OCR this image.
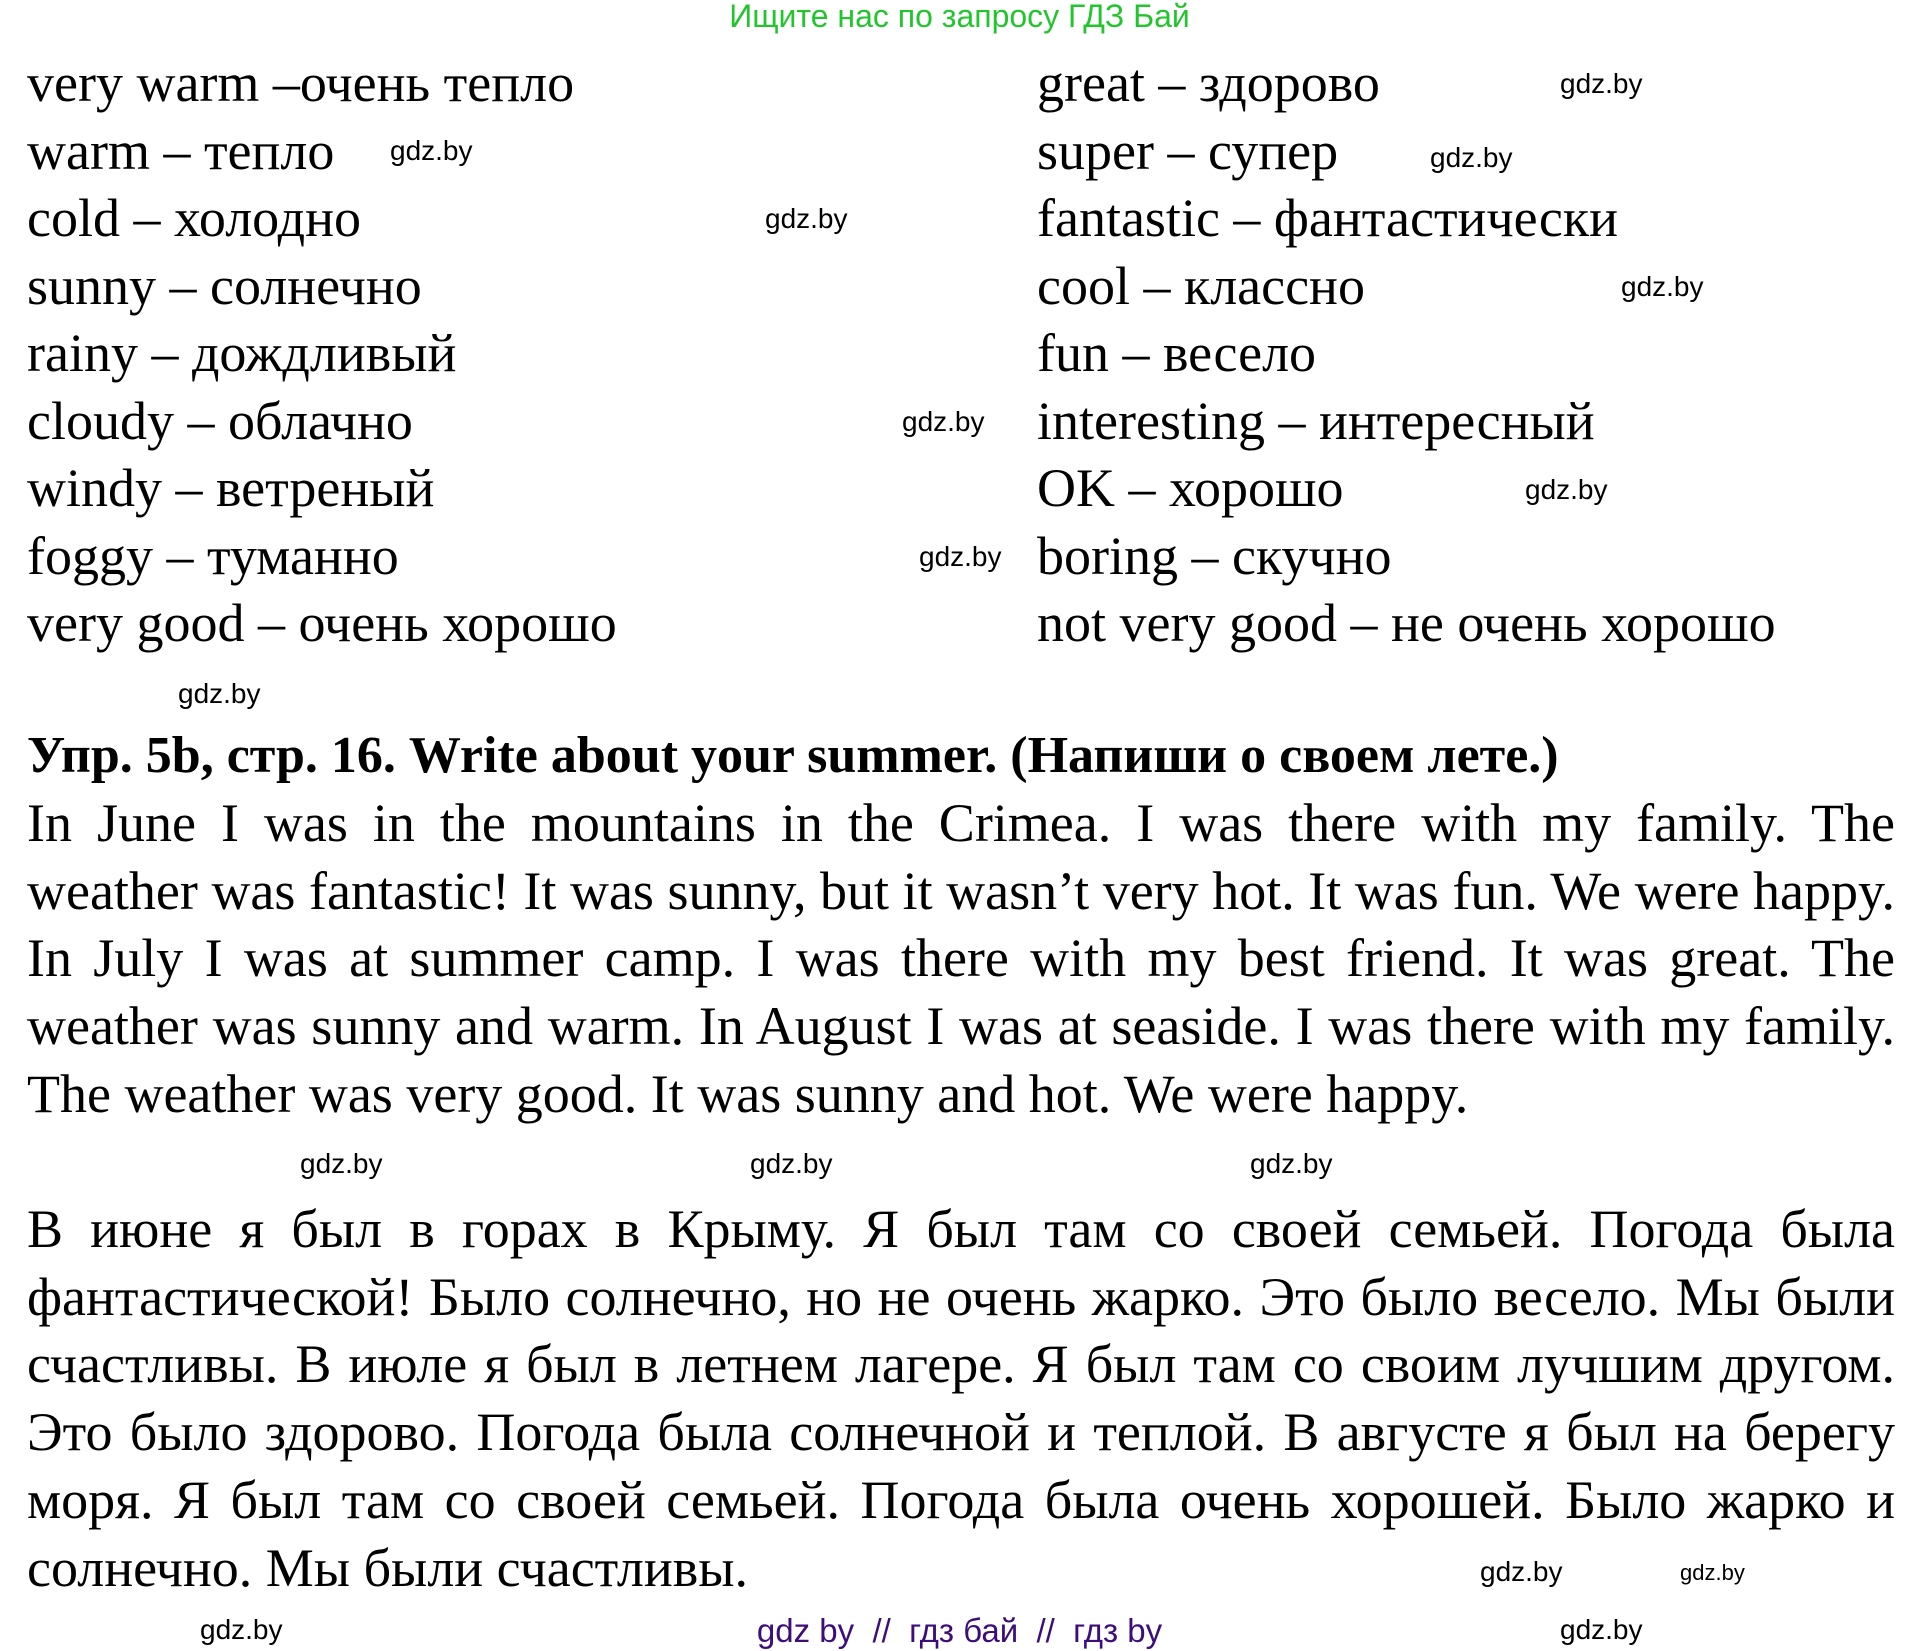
Ищите нас по запросу ГДЗ Бай
very warm –очень тепло
warm – тепло
cold – холодно
sunny – солнечно
rainy – дождливый
cloudy – облачно
windy – ветреный
foggy – туманно
very good – очень хорошо
great – здорово
super – супер
fantastic – фантастически
cool – классно
fun – весело
interesting – интересный
OK – хорошо
boring – скучно
not very good – не очень хорошо
Упр. 5b, стр. 16. Write about your summer. (Напиши о своем лете.)
In June I was in the mountains in the Crimea. I was there with my family. The weather was fantastic! It was sunny, but it wasn’t very hot. It was fun. We were happy. In July I was at summer camp. I was there with my best friend. It was great. The weather was sunny and warm. In August I was at seaside. I was there with my family. The weather was very good. It was sunny and hot. We were happy.
В июне я был в горах в Крыму. Я был там со своей семьей. Погода была фантастической! Было солнечно, но не очень жарко. Это было весело. Мы были счастливы. В июле я был в летнем лагере. Я был там со своим лучшим другом. Это было здорово. Погода была солнечной и теплой. В августе я был на берегу моря. Я был там со своей семьей. Погода была очень хорошей. Было жарко и солнечно. Мы были счастливы.
gdz.by
gdz.by	gdz.by
gdz.by
gdz.by
gdz.by
gdz.by
gdz.by
gdz.by
gdz.by	gdz.by	gdz.by
gdz.by	gdz.by
gdz.by	gdz.by
gdz by  //  гдз бай  //  гдз by
